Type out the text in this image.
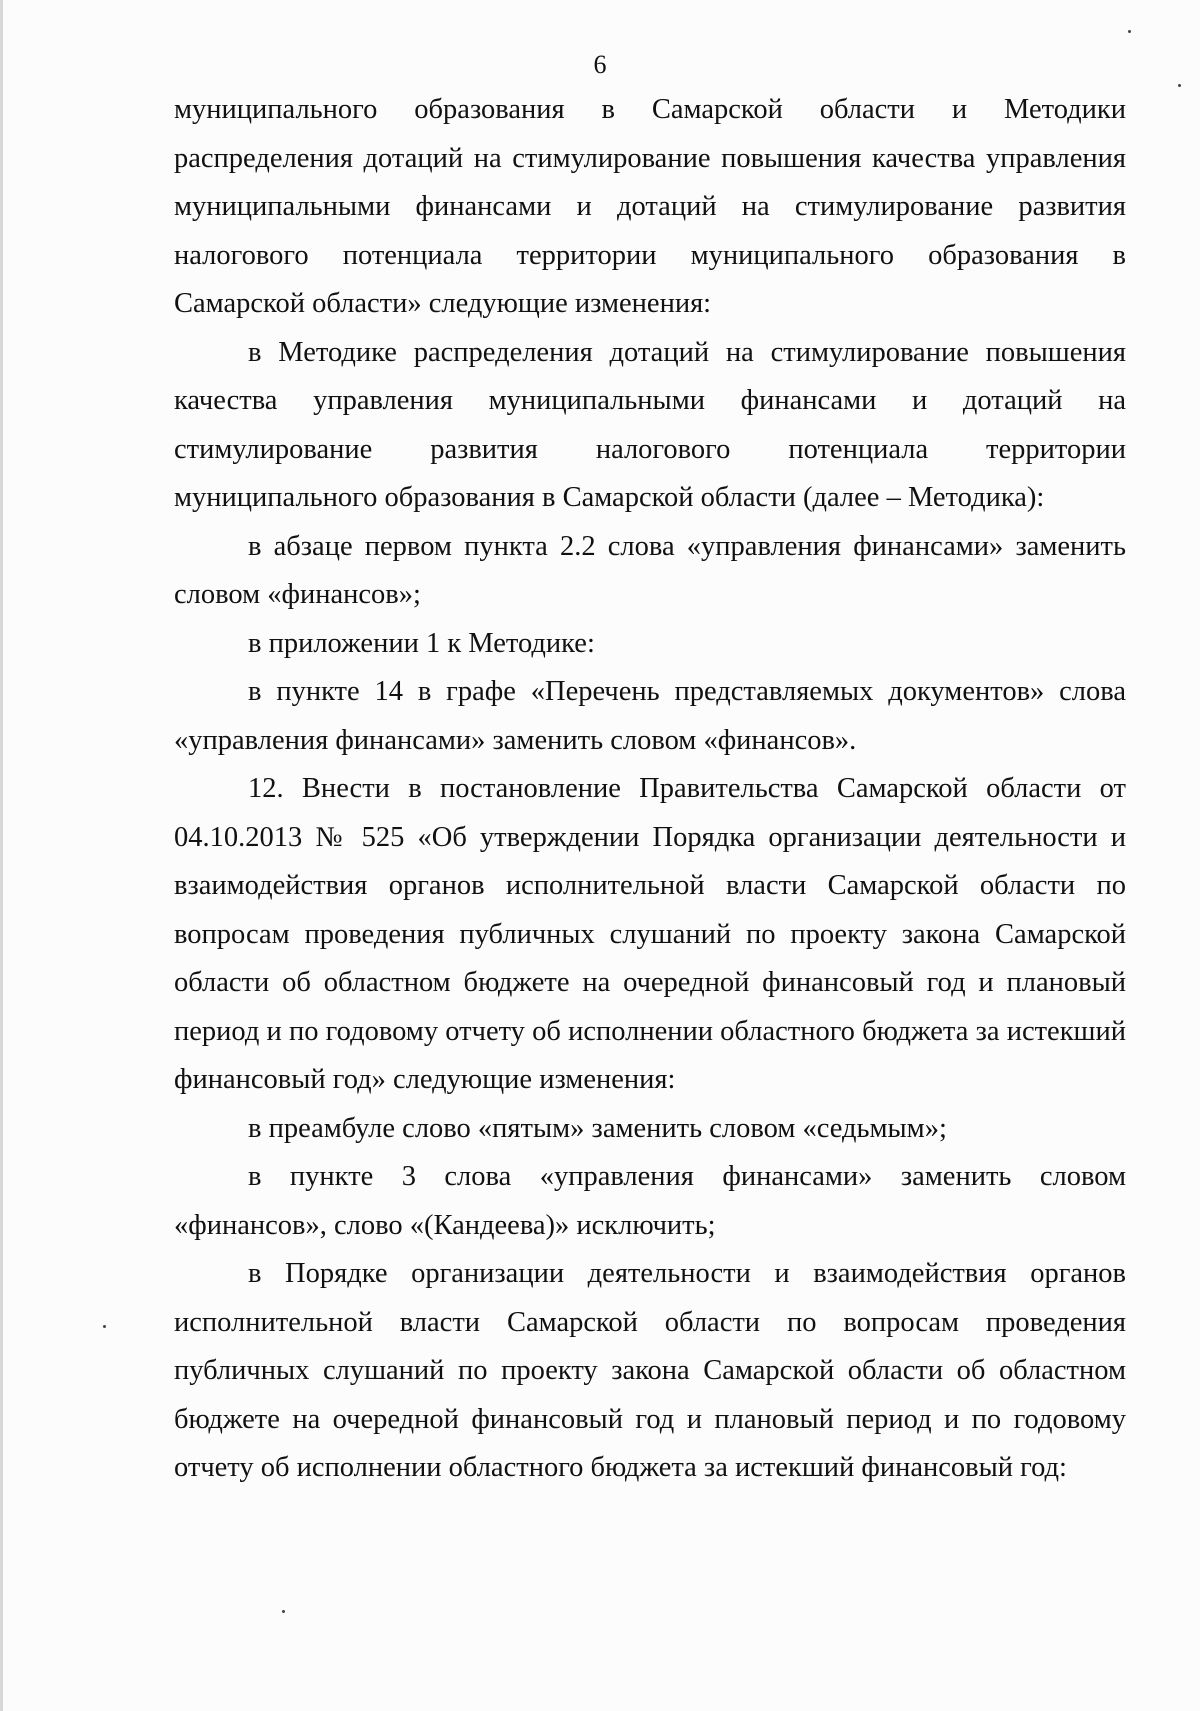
6

муниципального образования в Самарской области и Методики распределения дотаций на стимулирование повышения качества управления муниципальными финансами и дотаций на стимулирование развития налогового потенциала территории муниципального образования в Самарской области» следующие изменения:

в Методике распределения дотаций на стимулирование повышения качества управления муниципальными финансами и дотаций на стимулирование развития налогового потенциала территории муниципального образования в Самарской области (далее – Методика):

в абзаце первом пункта 2.2 слова «управления финансами» заменить словом «финансов»;

в приложении 1 к Методике:

в пункте 14 в графе «Перечень представляемых документов» слова «управления финансами» заменить словом «финансов».

12. Внести в постановление Правительства Самарской области от 04.10.2013 № 525 «Об утверждении Порядка организации деятельности и взаимодействия органов исполнительной власти Самарской области по вопросам проведения публичных слушаний по проекту закона Самарской области об областном бюджете на очередной финансовый год и плановый период и по годовому отчету об исполнении областного бюджета за истекший финансовый год» следующие изменения:

в преамбуле слово «пятым» заменить словом «седьмым»;

в пункте 3 слова «управления финансами» заменить словом «финансов», слово «(Кандеева)» исключить;

в Порядке организации деятельности и взаимодействия органов исполнительной власти Самарской области по вопросам проведения публичных слушаний по проекту закона Самарской области об областном бюджете на очередной финансовый год и плановый период и по годовому отчету об исполнении областного бюджета за истекший финансовый год:
